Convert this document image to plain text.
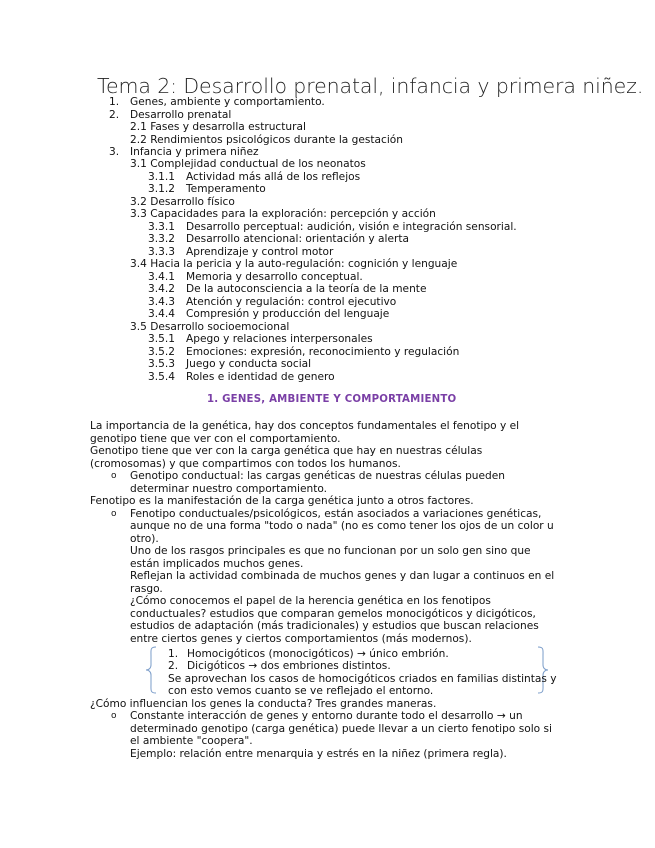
Tema 2: Desarrollo prenatal, infancia y primera niñez.
1. Genes, ambiente y comportamiento.
2. Desarrollo prenatal
2.1 Fases y desarrolla estructural
2.2 Rendimientos psicológicos durante la gestación
3. Infancia y primera niñez
3.1 Complejidad conductual de los neonatos
3.1.1 Actividad más allá de los reflejos
3.1.2 Temperamento
3.2 Desarrollo físico
3.3 Capacidades para la exploración: percepción y acción
3.3.1 Desarrollo perceptual: audición, visión e integración sensorial.
3.3.2 Desarrollo atencional: orientación y alerta
3.3.3 Aprendizaje y control motor
3.4 Hacia la pericia y la auto-regulación: cognición y lenguaje
3.4.1 Memoria y desarrollo conceptual.
3.4.2 De la autoconsciencia a la teoría de la mente
3.4.3 Atención y regulación: control ejecutivo
3.4.4 Compresión y producción del lenguaje
3.5 Desarrollo socioemocional
3.5.1 Apego y relaciones interpersonales
3.5.2 Emociones: expresión, reconocimiento y regulación
3.5.3 Juego y conducta social
3.5.4 Roles e identidad de genero
1. GENES, AMBIENTE Y COMPORTAMIENTO
La importancia de la genética, hay dos conceptos fundamentales el fenotipo y el
genotipo tiene que ver con el comportamiento.
Genotipo tiene que ver con la carga genética que hay en nuestras células
(cromosomas) y que compartimos con todos los humanos.
o Genotipo conductual: las cargas genéticas de nuestras células pueden
determinar nuestro comportamiento.
Fenotipo es la manifestación de la carga genética junto a otros factores.
o Fenotipo conductuales/psicológicos, están asociados a variaciones genéticas,
aunque no de una forma "todo o nada" (no es como tener los ojos de un color u
otro).
Uno de los rasgos principales es que no funcionan por un solo gen sino que
están implicados muchos genes.
Reflejan la actividad combinada de muchos genes y dan lugar a continuos en el
rasgo.
¿Cómo conocemos el papel de la herencia genética en los fenotipos
conductuales? estudios que comparan gemelos monocigóticos y dicigóticos,
estudios de adaptación (más tradicionales) y estudios que buscan relaciones
entre ciertos genes y ciertos comportamientos (más modernos).
1. Homocigóticos (monocigóticos) → único embrión.
2. Dicigóticos → dos embriones distintos.
Se aprovechan los casos de homocigóticos criados en familias distintas y
con esto vemos cuanto se ve reflejado el entorno.
¿Cómo influencian los genes la conducta? Tres grandes maneras.
o Constante interacción de genes y entorno durante todo el desarrollo → un
determinado genotipo (carga genética) puede llevar a un cierto fenotipo solo si
el ambiente "coopera".
Ejemplo: relación entre menarquia y estrés en la niñez (primera regla).
